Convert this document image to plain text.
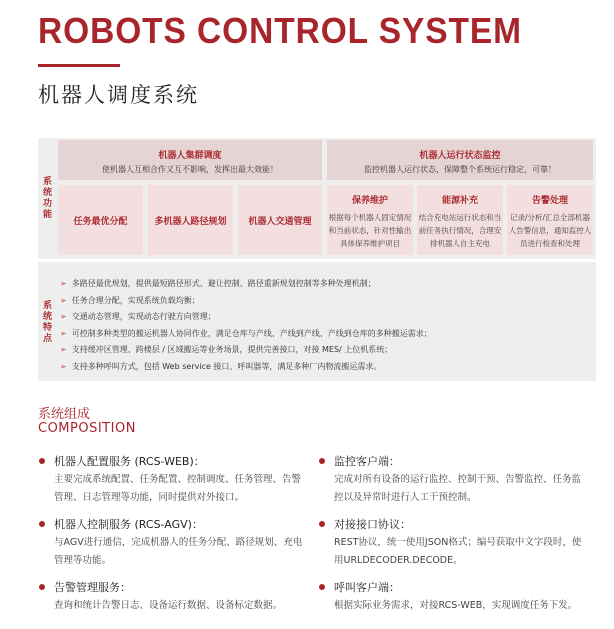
ROBOTS CONTROL SYSTEM
机器人调度系统
系统功能
系统特点
机器人集群调度
使机器人互相合作又互不影响，发挥出最大效能！
机器人运行状态监控
监控机器人运行状态，保障整个系统运行稳定，可靠！
任务最优分配	多机器人路径规划 机器人交通管理
保养维护
根据每个机器人固定情况和当前状态，针对性输出具体保养维护项目
能源补充
结合充电站运行状态和当前任务执行情况，合理安排机器人自主充电
告警处理
记录/分析/汇总全部机器人告警信息，通知监控人员进行检查和处理
➢ 多路径最优规划，提供最短路径形式、避让控制、路径重新规划控制等多种处理机制；
➢ 任务合理分配，实现系统负载均衡；
➢ 交通动态管理，实现动态行驶方向管理；
➢ 可控制多种类型的搬运机器人协同作业，满足仓库与产线、产线到产线、产线到仓库的多种搬运需求；
➢ 支持缓冲区管理、跨楼层 / 区域搬运等业务场景，提供完善接口，对接 MES/ 上位机系统；
➢ 支持多种呼叫方式，包括 Web service 接口、呼叫器等，满足多种厂内物流搬运需求。
系统组成
COMPOSITION
机器人配置服务 (RCS-WEB)：
主要完成系统配置、任务配置、控制调度、任务管理、告警管理、日志管理等功能，同时提供对外接口。
机器人控制服务 (RCS-AGV)：
与AGV进行通信，完成机器人的任务分配、路径规划、充电管理等功能。
告警管理服务：
查询和统计告警日志、设备运行数据、设备标定数据。
监控客户端：
完成对所有设备的运行监控、控制干预、告警监控、任务监控以及异常时进行人工干预控制。
对接接口协议：
REST协议，统一使用JSON格式；编号获取中文字段时，使用URLDECODER.DECODE。
呼叫客户端：
根据实际业务需求，对接RCS-WEB，实现调度任务下发。
